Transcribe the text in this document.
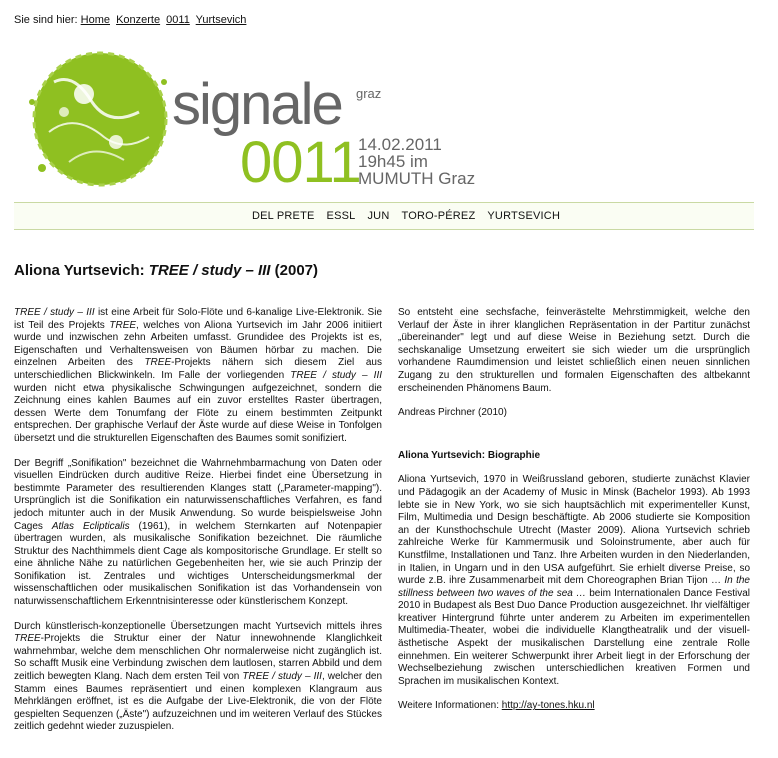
Sie sind hier: Home Konzerte 0011 Yurtsevich
signale graz
0011
14.02.2011
19h45 im
MUMUTH Graz
DEL PRETE ESSL JUN TORO-PÉREZ YURTSEVICH
Aliona Yurtsevich: TREE / study – III (2007)

TREE / study – III ist eine Arbeit für Solo-Flöte und 6-kanalige Live-Elektronik. Sie ist Teil des Projekts TREE, welches von Aliona Yurtsevich im Jahr 2006 initiiert wurde und inzwischen zehn Arbeiten umfasst. Grundidee des Projekts ist es, Eigenschaften und Verhaltensweisen von Bäumen hörbar zu machen. Die einzelnen Arbeiten des TREE-Projekts nähern sich diesem Ziel aus unterschiedlichen Blickwinkeln. Im Falle der vorliegenden TREE / study – III wurden nicht etwa physikalische Schwingungen aufgezeichnet, sondern die Zeichnung eines kahlen Baumes auf ein zuvor erstelltes Raster übertragen, dessen Werte dem Tonumfang der Flöte zu einem bestimmten Zeitpunkt entsprechen. Der graphische Verlauf der Äste wurde auf diese Weise in Tonfolgen übersetzt und die strukturellen Eigenschaften des Baumes somit sonifiziert.

Der Begriff „Sonifikation" bezeichnet die Wahrnehmbarmachung von Daten oder visuellen Eindrücken durch auditive Reize. Hierbei findet eine Übersetzung in bestimmte Parameter des resultierenden Klanges statt („Parameter-mapping"). Ursprünglich ist die Sonifikation ein naturwissenschaftliches Verfahren, es fand jedoch mitunter auch in der Musik Anwendung. So wurde beispielsweise John Cages Atlas Eclipticalis (1961), in welchem Sternkarten auf Notenpapier übertragen wurden, als musikalische Sonifikation bezeichnet. Die räumliche Struktur des Nachthimmels dient Cage als kompositorische Grundlage. Er stellt so eine ähnliche Nähe zu natürlichen Gegebenheiten her, wie sie auch Prinzip der Sonifikation ist. Zentrales und wichtiges Unterscheidungsmerkmal der wissenschaftlichen oder musikalischen Sonifikation ist das Vorhandensein von naturwissenschaftlichem Erkenntnisinteresse oder künstlerischem Konzept.

Durch künstlerisch-konzeptionelle Übersetzungen macht Yurtsevich mittels ihres TREE-Projekts die Struktur einer der Natur innewohnende Klanglichkeit wahrnehmbar, welche dem menschlichen Ohr normalerweise nicht zugänglich ist. So schafft Musik eine Verbindung zwischen dem lautlosen, starren Abbild und dem zeitlich bewegten Klang. Nach dem ersten Teil von TREE / study – III, welcher den Stamm eines Baumes repräsentiert und einen komplexen Klangraum aus Mehrklängen eröffnet, ist es die Aufgabe der Live-Elektronik, die von der Flöte gespielten Sequenzen („Äste") aufzuzeichnen und im weiteren Verlauf des Stückes zeitlich gedehnt wieder zuzuspielen.

So entsteht eine sechsfache, feinverästelte Mehrstimmigkeit, welche den Verlauf der Äste in ihrer klanglichen Repräsentation in der Partitur zunächst „übereinander" legt und auf diese Weise in Beziehung setzt. Durch die sechskanalige Umsetzung erweitert sie sich wieder um die ursprünglich vorhandene Raumdimension und leistet schließlich einen neuen sinnlichen Zugang zu den strukturellen und formalen Eigenschaften des altbekannt erscheinenden Phänomens Baum.

Andreas Pirchner (2010)

Aliona Yurtsevich: Biographie

Aliona Yurtsevich, 1970 in Weißrussland geboren, studierte zunächst Klavier und Pädagogik an der Academy of Music in Minsk (Bachelor 1993). Ab 1993 lebte sie in New York, wo sie sich hauptsächlich mit experimenteller Kunst, Film, Multimedia und Design beschäftigte. Ab 2006 studierte sie Komposition an der Kunsthochschule Utrecht (Master 2009). Aliona Yurtsevich schrieb zahlreiche Werke für Kammermusik und Soloinstrumente, aber auch für Kunstfilme, Installationen und Tanz. Ihre Arbeiten wurden in den Niederlanden, in Italien, in Ungarn und in den USA aufgeführt. Sie erhielt diverse Preise, so wurde z.B. ihre Zusammenarbeit mit dem Choreographen Brian Tijon … In the stillness between two waves of the sea … beim Internationalen Dance Festival 2010 in Budapest als Best Duo Dance Production ausgezeichnet. Ihr vielfältiger kreativer Hintergrund führte unter anderem zu Arbeiten im experimentellen Multimedia-Theater, wobei die individuelle Klangtheatralik und der visuell-ästhetische Aspekt der musikalischen Darstellung eine zentrale Rolle einnehmen. Ein weiterer Schwerpunkt ihrer Arbeit liegt in der Erforschung der Wechselbeziehung zwischen unterschiedlichen kreativen Formen und Sprachen im musikalischen Kontext.

Weitere Informationen: http://ay-tones.hku.nl
